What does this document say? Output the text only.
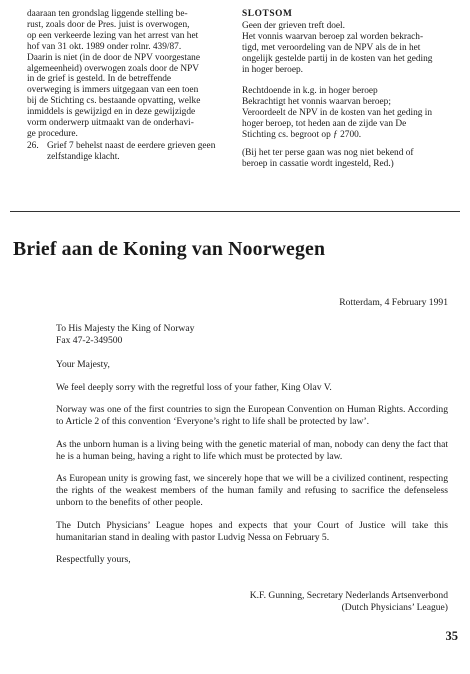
daaraan ten grondslag liggende stelling be-
rust, zoals door de Pres. juist is overwogen,
op een verkeerde lezing van het arrest van het
hof van 31 okt. 1989 onder rolnr. 439/87.
Daarin is niet (in de door de NPV voorgestane
algemeenheid) overwogen zoals door de NPV
in de grief is gesteld. In de betreffende
overweging is immers uitgegaan van een toen
bij de Stichting cs. bestaande opvatting, welke
inmiddels is gewijzigd en in deze gewijzigde
vorm onderwerp uitmaakt van de onderhavi-
ge procedure.

26. Grief 7 behelst naast de eerdere grieven geen
zelfstandige klacht.
SLOTSOM

Geen der grieven treft doel.
Het vonnis waarvan beroep zal worden bekrach-
tigd, met veroordeling van de NPV als de in het
ongelijk gestelde partij in de kosten van het geding
in hoger beroep.

Rechtdoende in k.g. in hoger beroep
Bekrachtigt het vonnis waarvan beroep;
Veroordeelt de NPV in de kosten van het geding in
hoger beroep, tot heden aan de zijde van De
Stichting cs. begroot op ƒ 2700.

(Bij het ter perse gaan was nog niet bekend of
beroep in cassatie wordt ingesteld, Red.)

Brief aan de Koning van Noorwegen

Rotterdam, 4 February 1991

To His Majesty the King of Norway
Fax 47-2-349500

Your Majesty,

We feel deeply sorry with the regretful loss of your father, King Olav V.

Norway was one of the first countries to sign the European Convention on Human Rights. According to Article 2 of this convention ‘Everyone’s right to life shall be protected by law’.

As the unborn human is a living being with the genetic material of man, nobody can deny the fact that he is a human being, having a right to life which must be protected by law.

As European unity is growing fast, we sincerely hope that we will be a civilized continent, respecting the rights of the weakest members of the human family and refusing to sacrifice the defenseless unborn to the benefits of other people.

The Dutch Physicians’ League hopes and expects that your Court of Justice will take this humanitarian stand in dealing with pastor Ludvig Nessa on February 5.

Respectfully yours,

K.F. Gunning, Secretary Nederlands Artsenverbond
(Dutch Physicians’ League)

35
